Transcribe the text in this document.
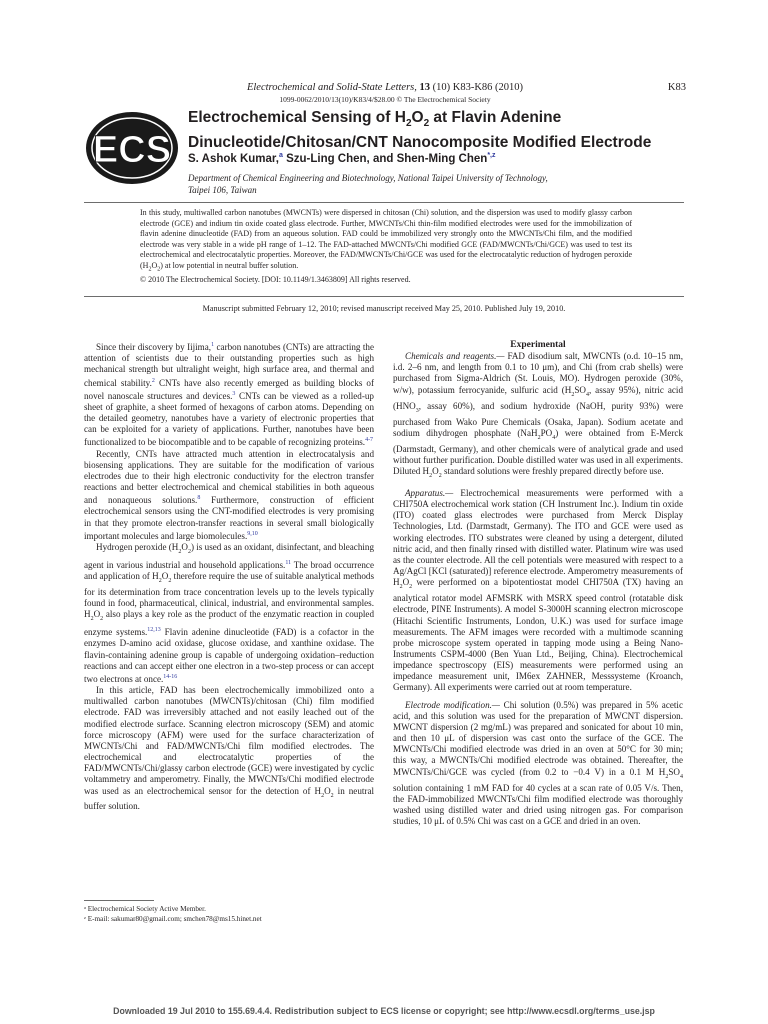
Electrochemical and Solid-State Letters, 13 (10) K83-K86 (2010)
1099-0062/2010/13(10)/K83/4/$28.00 © The Electrochemical Society
K83
ECS
Electrochemical Sensing of $H_2O_2$ at Flavin Adenine
Dinucleotide/Chitosan/CNT Nanocomposite Modified Electrode
S. Ashok Kumar,$^a$ Szu-Ling Chen, and Shen-Ming Chen$^{*,z}$
Department of Chemical Engineering and Biotechnology, National Taipei University of Technology,
Taipei 106, Taiwan

In this study, multiwalled carbon nanotubes (MWCNTs) were dispersed in chitosan (Chi) solution, and the dispersion was used to modify glassy carbon electrode (GCE) and indium tin oxide coated glass electrode. Further, MWCNTs/Chi thin-film modified electrodes were used for the immobilization of flavin adenine dinucleotide (FAD) from an aqueous solution. FAD could be immobilized very strongly onto the MWCNTs/Chi film, and the modified electrode was very stable in a wide pH range of 1–12. The FAD-attached MWCNTs/Chi modified GCE (FAD/MWCNTs/Chi/GCE) was used to test its electrochemical and electrocatalytic properties. Moreover, the FAD/MWCNTs/Chi/GCE was used for the electrocatalytic reduction of hydrogen peroxide $(H_2O_2)$ at low potential in neutral buffer solution.

© 2010 The Electrochemical Society. [DOI: 10.1149/1.3463809] All rights reserved.

Manuscript submitted February 12, 2010; revised manuscript received May 25, 2010. Published July 19, 2010.

Since their discovery by Iijima,$^1$ carbon nanotubes (CNTs) are attracting the attention of scientists due to their outstanding properties such as high mechanical strength but ultralight weight, high surface area, and thermal and chemical stability.$^2$ CNTs have also recently emerged as building blocks of novel nanoscale structures and devices.$^3$ CNTs can be viewed as a rolled-up sheet of graphite, a sheet formed of hexagons of carbon atoms. Depending on the detailed geometry, nanotubes have a variety of electronic properties that can be exploited for a variety of applications. Further, nanotubes have been functionalized to be biocompatible and to be capable of recognizing proteins.$^{4-7}$

Recently, CNTs have attracted much attention in electrocatalysis and biosensing applications. They are suitable for the modification of various electrodes due to their high electronic conductivity for the electron transfer reactions and better electrochemical and chemical stabilities in both aqueous and nonaqueous solutions.$^8$ Furthermore, construction of efficient electrochemical sensors using the CNT-modified electrodes is very promising in that they promote electron-transfer reactions in several small biologically important molecules and large biomolecules.$^{9,10}$

Hydrogen peroxide $(H_2O_2)$ is used as an oxidant, disinfectant, and bleaching agent in various industrial and household applications.$^{11}$ The broad occurrence and application of $H_2O_2$ therefore require the use of suitable analytical methods for its determination from trace concentration levels up to the levels typically found in food, pharmaceutical, clinical, industrial, and environmental samples. $H_2O_2$ also plays a key role as the product of the enzymatic reaction in coupled enzyme systems.$^{12,13}$ Flavin adenine dinucleotide (FAD) is a cofactor in the enzymes D-amino acid oxidase, glucose oxidase, and xanthine oxidase. The flavin-containing adenine group is capable of undergoing oxidation–reduction reactions and can accept either one electron in a two-step process or can accept two electrons at once.$^{14-16}$

In this article, FAD has been electrochemically immobilized onto a multiwalled carbon nanotubes (MWCNTs)/chitosan (Chi) film modified electrode. FAD was irreversibly attached and not easily leached out of the modified electrode surface. Scanning electron microscopy (SEM) and atomic force microscopy (AFM) were used for the surface characterization of MWCNTs/Chi and FAD/MWCNTs/Chi film modified electrodes. The electrochemical and electrocatalytic properties of the FAD/MWCNTs/Chi/glassy carbon electrode (GCE) were investigated by cyclic voltammetry and amperometry. Finally, the MWCNTs/Chi modified electrode was used as an electrochemical sensor for the detection of $H_2O_2$ in neutral buffer solution.

Experimental

Chemicals and reagents.— FAD disodium salt, MWCNTs (o.d. 10–15 nm, i.d. 2–6 nm, and length from 0.1 to 10 μm), and Chi (from crab shells) were purchased from Sigma-Aldrich (St. Louis, MO). Hydrogen peroxide (30%, w/w), potassium ferrocyanide, sulfuric acid ($H_2SO_4$, assay 95%), nitric acid ($HNO_3$, assay 60%), and sodium hydroxide (NaOH, purity 93%) were purchased from Wako Pure Chemicals (Osaka, Japan). Sodium acetate and sodium dihydrogen phosphate $(NaH_2PO_4)$ were obtained from E-Merck (Darmstadt, Germany), and other chemicals were of analytical grade and used without further purification. Double distilled water was used in all experiments. Diluted $H_2O_2$ standard solutions were freshly prepared directly before use.

Apparatus.— Electrochemical measurements were performed with a CHI750A electrochemical work station (CH Instrument Inc.). Indium tin oxide (ITO) coated glass electrodes were purchased from Merck Display Technologies, Ltd. (Darmstadt, Germany). The ITO and GCE were used as working electrodes. ITO substrates were cleaned by using a detergent, diluted nitric acid, and then finally rinsed with distilled water. Platinum wire was used as the counter electrode. All the cell potentials were measured with respect to a Ag/AgCl [KCl (saturated)] reference electrode. Amperometry measurements of $H_2O_2$ were performed on a bipotentiostat model CHI750A (TX) having an analytical rotator model AFMSRK with MSRX speed control (rotatable disk electrode, PINE Instruments). A model S-3000H scanning electron microscope (Hitachi Scientific Instruments, London, U.K.) was used for surface image measurements. The AFM images were recorded with a multimode scanning probe microscope system operated in tapping mode using a Being Nano-Instruments CSPM-4000 (Ben Yuan Ltd., Beijing, China). Electrochemical impedance spectroscopy (EIS) measurements were performed using an impedance measurement unit, IM6ex ZAHNER, Messsysteme (Kroanch, Germany). All experiments were carried out at room temperature.

Electrode modification.— Chi solution (0.5%) was prepared in 5% acetic acid, and this solution was used for the preparation of MWCNT dispersion. MWCNT dispersion (2 mg/mL) was prepared and sonicated for about 10 min, and then 10 μL of dispersion was cast onto the surface of the GCE. The MWCNTs/Chi modified electrode was dried in an oven at 50°C for 30 min; this way, a MWCNTs/Chi modified electrode was obtained. Thereafter, the MWCNTs/Chi/GCE was cycled (from 0.2 to −0.4 V) in a 0.1 M $H_2SO_4$ solution containing 1 mM FAD for 40 cycles at a scan rate of 0.05 V/s. Then, the FAD-immobilized MWCNTs/Chi film modified electrode was thoroughly washed using distilled water and dried using nitrogen gas. For comparison studies, 10 μL of 0.5% Chi was cast on a GCE and dried in an oven.

ᵃ Electrochemical Society Active Member.
ᶻ E-mail: sakumar80@gmail.com; smchen78@ms15.hinet.net
Downloaded 19 Jul 2010 to 155.69.4.4. Redistribution subject to ECS license or copyright; see http://www.ecsdl.org/terms_use.jsp
